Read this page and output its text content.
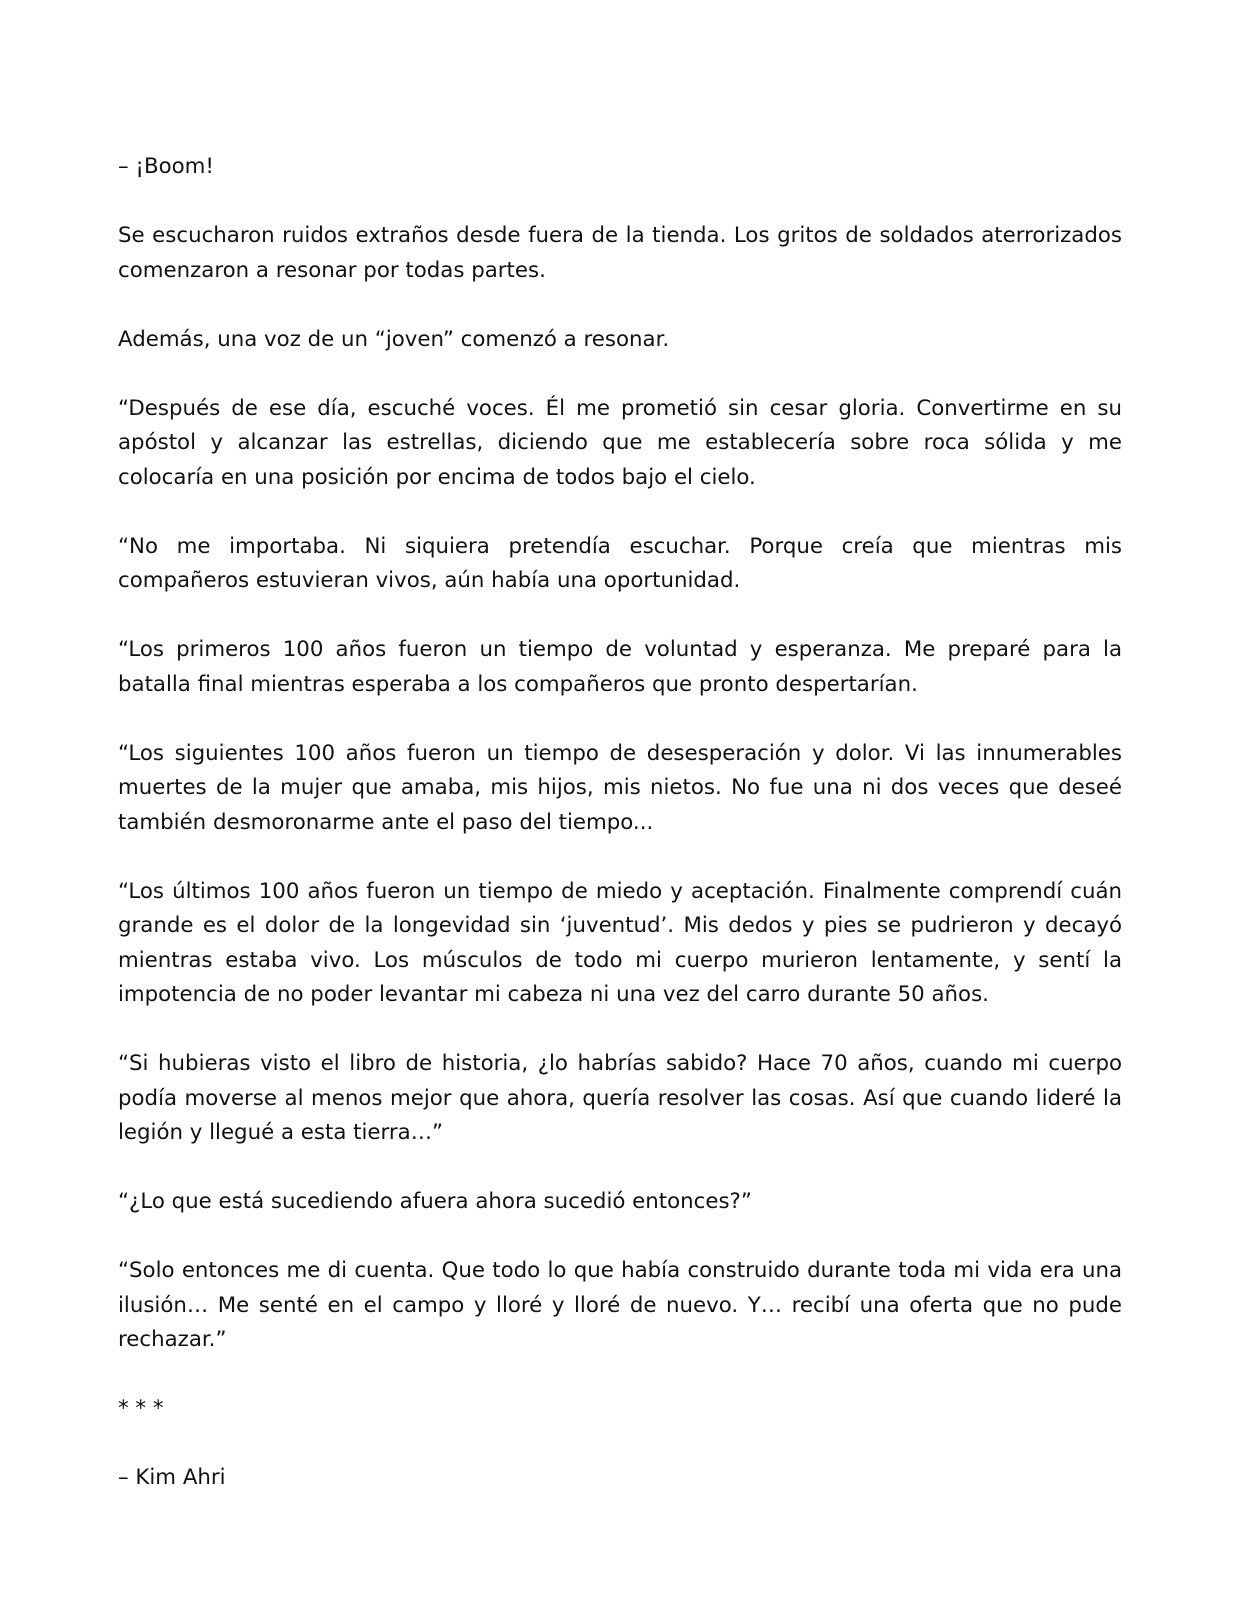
– ¡Boom!

Se escucharon ruidos extraños desde fuera de la tienda. Los gritos de soldados aterrorizados comenzaron a resonar por todas partes.

Además, una voz de un “joven” comenzó a resonar.

“Después de ese día, escuché voces. Él me prometió sin cesar gloria. Convertirme en su apóstol y alcanzar las estrellas, diciendo que me establecería sobre roca sólida y me colocaría en una posición por encima de todos bajo el cielo.

“No me importaba. Ni siquiera pretendía escuchar. Porque creía que mientras mis compañeros estuvieran vivos, aún había una oportunidad.

“Los primeros 100 años fueron un tiempo de voluntad y esperanza. Me preparé para la batalla final mientras esperaba a los compañeros que pronto despertarían.

“Los siguientes 100 años fueron un tiempo de desesperación y dolor. Vi las innumerables muertes de la mujer que amaba, mis hijos, mis nietos. No fue una ni dos veces que deseé también desmoronarme ante el paso del tiempo...

“Los últimos 100 años fueron un tiempo de miedo y aceptación. Finalmente comprendí cuán grande es el dolor de la longevidad sin ‘juventud’. Mis dedos y pies se pudrieron y decayó mientras estaba vivo. Los músculos de todo mi cuerpo murieron lentamente, y sentí la impotencia de no poder levantar mi cabeza ni una vez del carro durante 50 años.

“Si hubieras visto el libro de historia, ¿lo habrías sabido? Hace 70 años, cuando mi cuerpo podía moverse al menos mejor que ahora, quería resolver las cosas. Así que cuando lideré la legión y llegué a esta tierra…”

“¿Lo que está sucediendo afuera ahora sucedió entonces?”

“Solo entonces me di cuenta. Que todo lo que había construido durante toda mi vida era una ilusión… Me senté en el campo y lloré y lloré de nuevo. Y… recibí una oferta que no pude rechazar.”

* * *

– Kim Ahri
